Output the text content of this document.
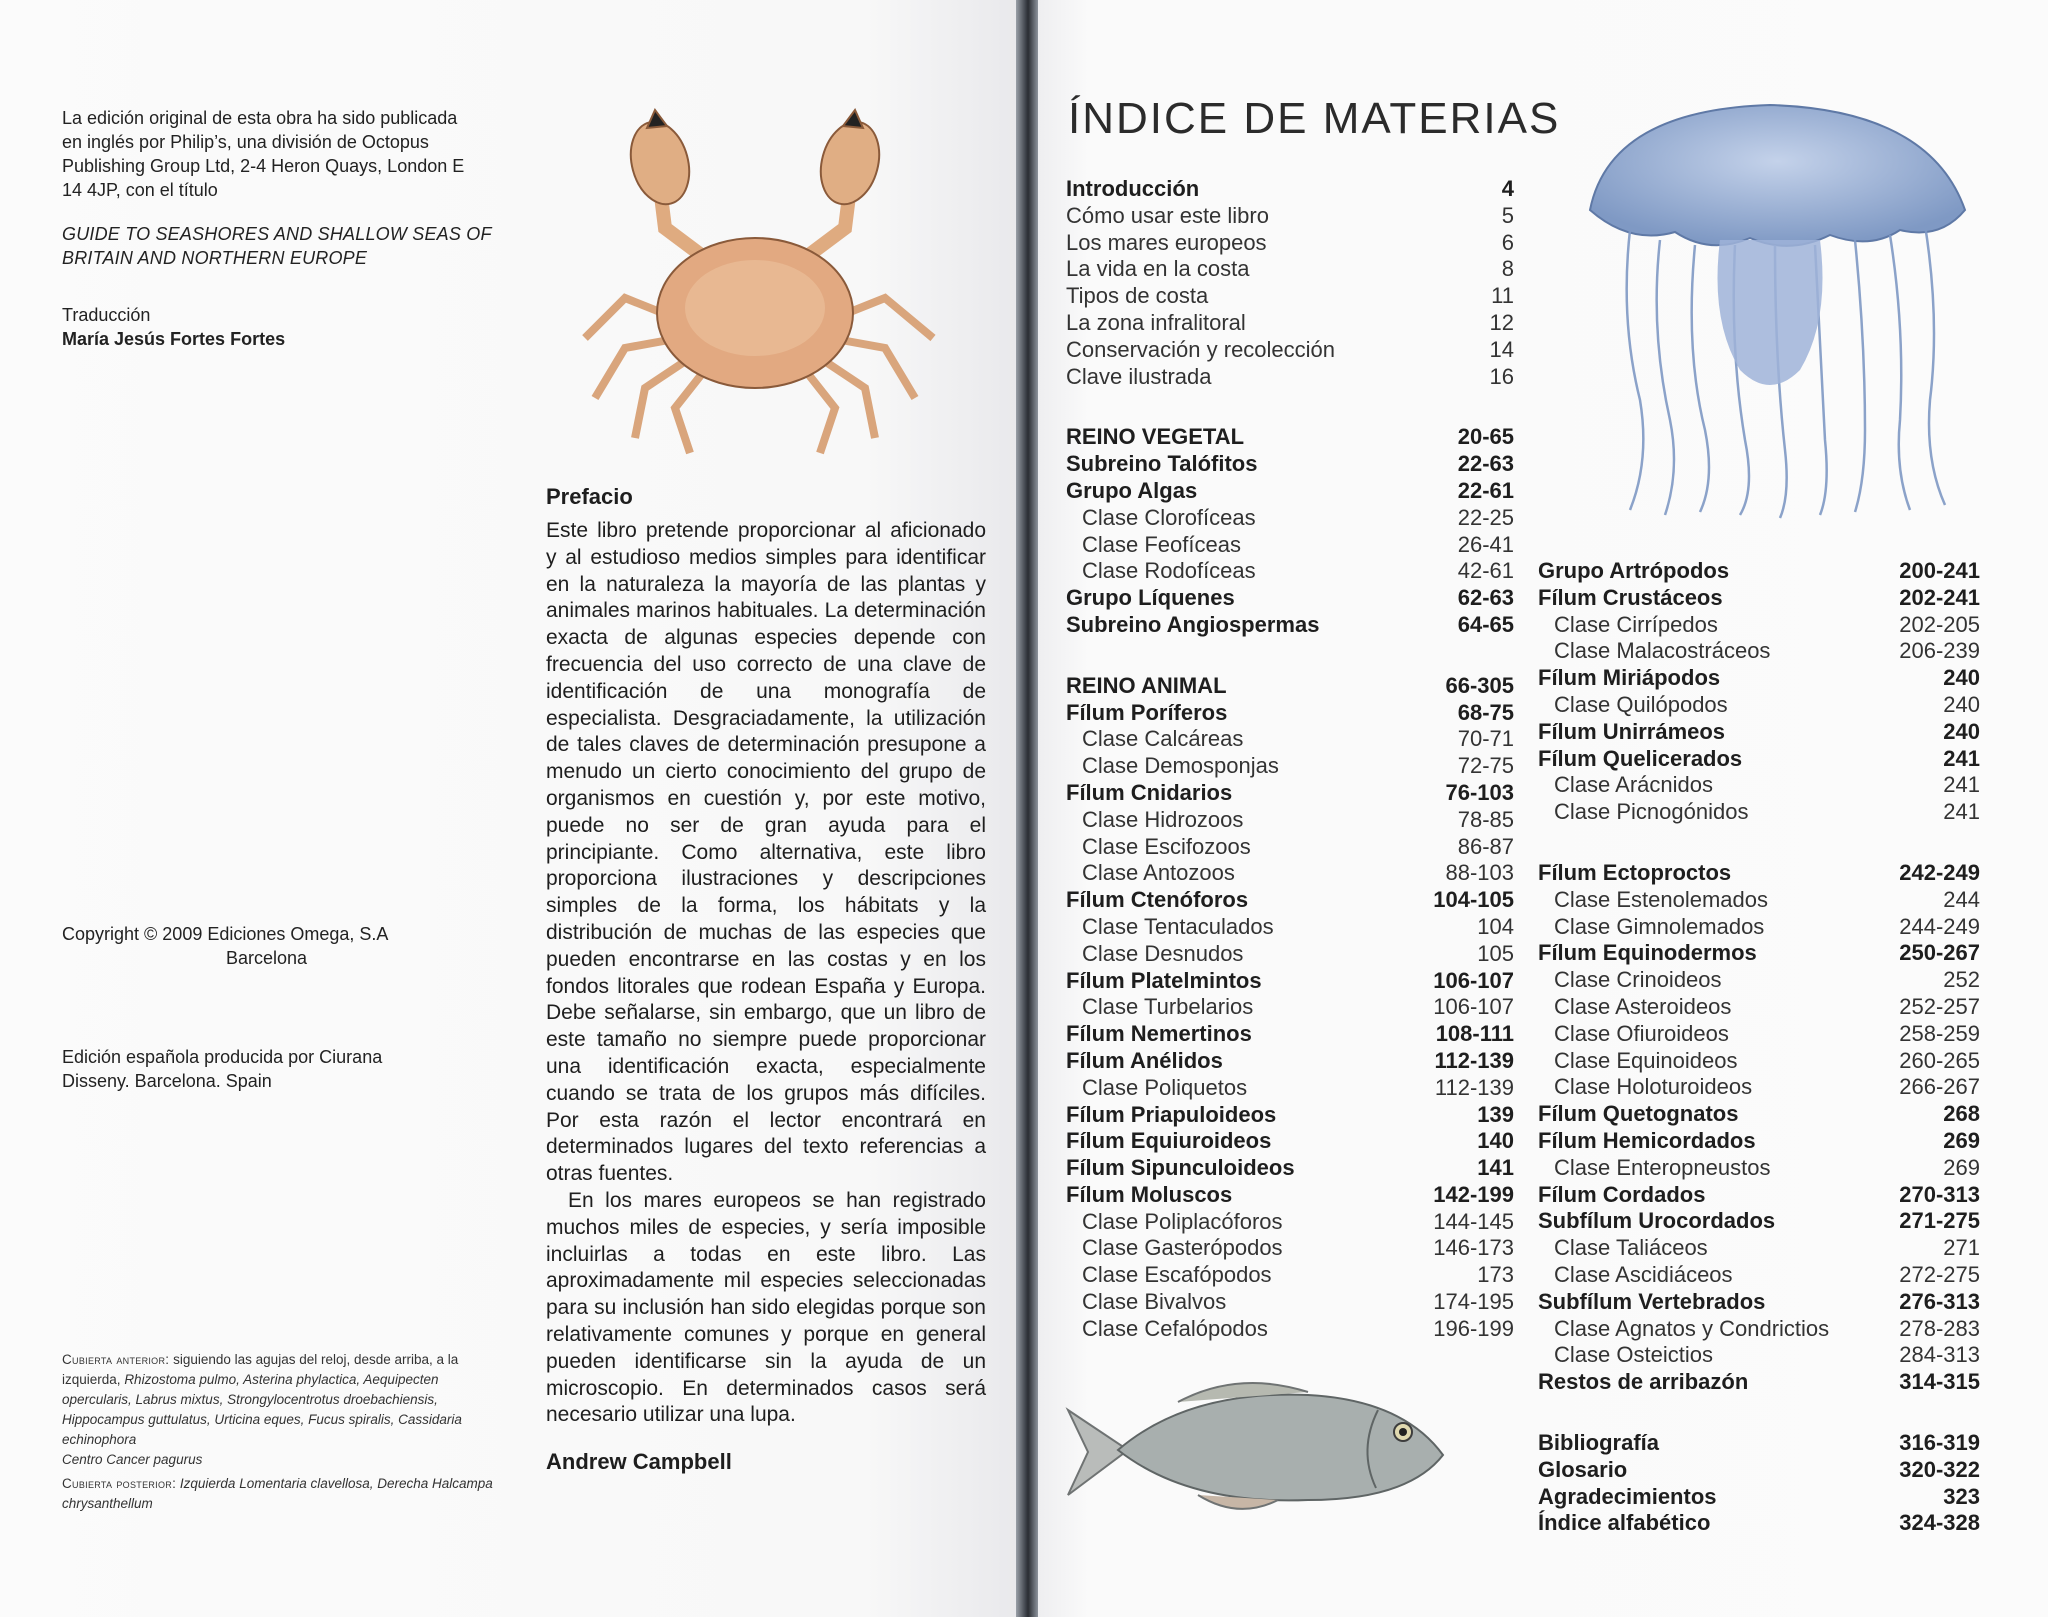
La edición original de esta obra ha sido publicada en inglés por Philip’s, una división de Octopus Publishing Group Ltd, 2-4 Heron Quays, London E 14 4JP, con el título
GUIDE TO SEASHORES AND SHALLOW SEAS OF BRITAIN AND NORTHERN EUROPE
Traducción
María Jesús Fortes Fortes
Prefacio

Este libro pretende proporcionar al aficionado y al estudioso medios simples para identificar en la naturaleza la mayoría de las plantas y animales marinos habituales. La determinación exacta de algunas especies depende con frecuencia del uso correcto de una clave de identificación de una monografía de especialista. Desgraciadamente, la utilización de tales claves de determinación presupone a menudo un cierto conocimiento del grupo de organismos en cuestión y, por este motivo, puede no ser de gran ayuda para el principiante. Como alternativa, este libro proporciona ilustraciones y descripciones simples de la forma, los hábitats y la distribución de muchas de las especies que pueden encontrarse en las costas y en los fondos litorales que rodean España y Europa. Debe señalarse, sin embargo, que un libro de este tamaño no siempre puede proporcionar una identificación exacta, especialmente cuando se trata de los grupos más difíciles. Por esta razón el lector encontrará en determinados lugares del texto referencias a otras fuentes.

En los mares europeos se han registrado muchos miles de especies, y sería imposible incluirlas a todas en este libro. Las aproximadamente mil especies seleccionadas para su inclusión han sido elegidas porque son relativamente comunes y porque en general pueden identificarse sin la ayuda de un microscopio. En determinados casos será necesario utilizar una lupa.

Andrew Campbell
Copyright © 2009 Ediciones Omega, S.A
Barcelona
Edición española producida por Ciurana Disseny. Barcelona. Spain
Cubierta anterior: siguiendo las agujas del reloj, desde arriba, a la izquierda, Rhizostoma pulmo, Asterina phylactica, Aequipecten opercularis, Labrus mixtus, Strongylocentrotus droebachiensis, Hippocampus guttulatus, Urticina eques, Fucus spiralis, Cassidaria echinophora
Centro Cancer pagurus
Cubierta posterior: Izquierda Lomentaria clavellosa, Derecha Halcampa chrysanthellum
ÍNDICE DE MATERIAS
Introducción	4
Cómo usar este libro	5
Los mares europeos	6
La vida en la costa	8
Tipos de costa	11
La zona infralitoral	12
Conservación y recolección	14
Clave ilustrada	16
REINO VEGETAL	20-65
Subreino Talófitos	22-63
Grupo Algas	22-61
Clase Clorofíceas	22-25
Clase Feofíceas	26-41
Clase Rodofíceas	42-61
Grupo Líquenes	62-63
Subreino Angiospermas	64-65
REINO ANIMAL	66-305
Fílum Poríferos	68-75
Clase Calcáreas	70-71
Clase Demosponjas	72-75
Fílum Cnidarios	76-103
Clase Hidrozoos	78-85
Clase Escifozoos	86-87
Clase Antozoos	88-103
Fílum Ctenóforos	104-105
Clase Tentaculados	104
Clase Desnudos	105
Fílum Platelmintos	106-107
Clase Turbelarios	106-107
Fílum Nemertinos	108-111
Fílum Anélidos	112-139
Clase Poliquetos	112-139
Fílum Priapuloideos	139
Fílum Equiuroideos	140
Fílum Sipunculoideos	141
Fílum Moluscos	142-199
Clase Poliplacóforos	144-145
Clase Gasterópodos	146-173
Clase Escafópodos	173
Clase Bivalvos	174-195
Clase Cefalópodos	196-199
Grupo Artrópodos	200-241
Fílum Crustáceos	202-241
Clase Cirrípedos	202-205
Clase Malacostráceos	206-239
Fílum Miriápodos	240
Clase Quilópodos	240
Fílum Unirrámeos	240
Fílum Quelicerados	241
Clase Arácnidos	241
Clase Picnogónidos	241
Fílum Ectoproctos	242-249
Clase Estenolemados	244
Clase Gimnolemados	244-249
Fílum Equinodermos	250-267
Clase Crinoideos	252
Clase Asteroideos	252-257
Clase Ofiuroideos	258-259
Clase Equinoideos	260-265
Clase Holoturoideos	266-267
Fílum Quetognatos	268
Fílum Hemicordados	269
Clase Enteropneustos	269
Fílum Cordados	270-313
Subfílum Urocordados	271-275
Clase Taliáceos	271
Clase Ascidiáceos	272-275
Subfílum Vertebrados	276-313
Clase Agnatos y Condrictios	278-283
Clase Osteictios	284-313
Restos de arribazón	314-315
Bibliografía	316-319
Glosario	320-322
Agradecimientos	323
Índice alfabético	324-328
